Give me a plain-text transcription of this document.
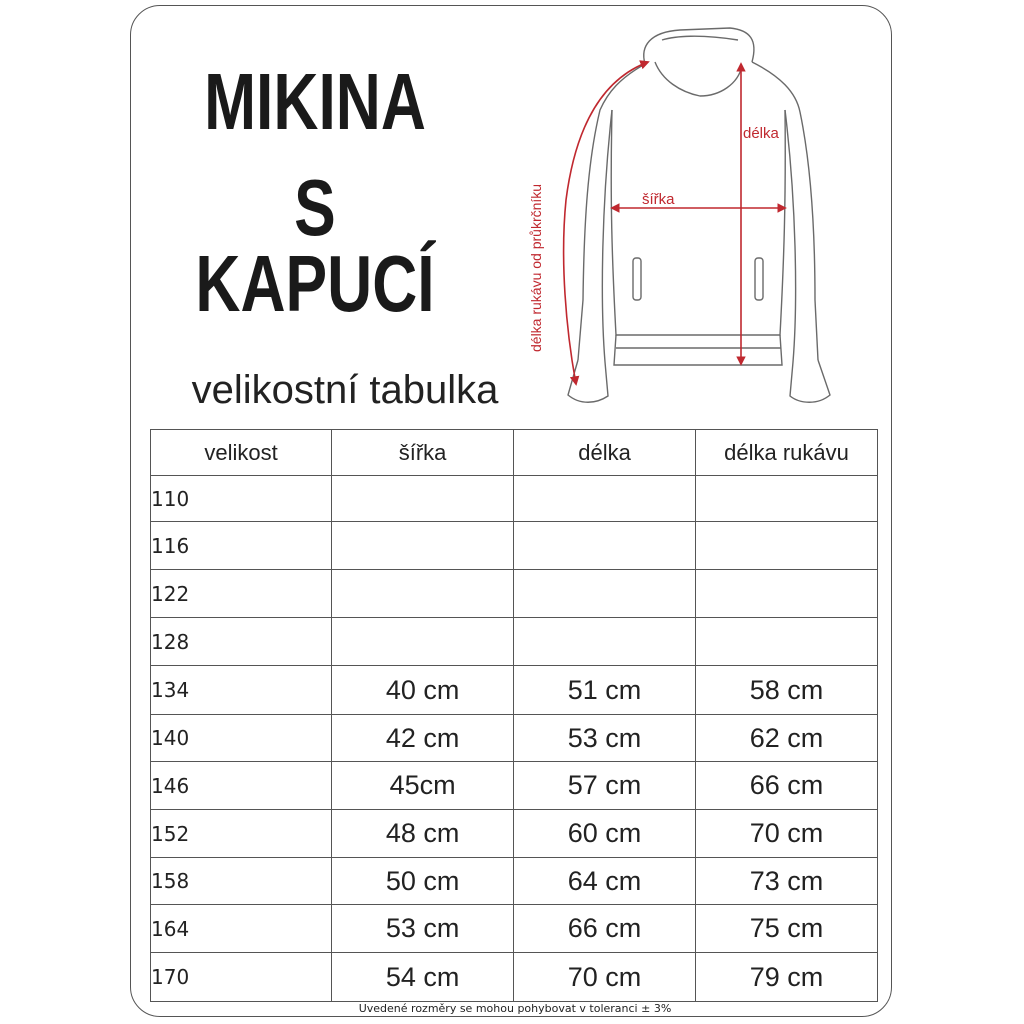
MIKINA
S
KAPUCÍ
velikostní tabulka
délka
šířka
délka rukávu od průkrčníku
velikost	šířka	délka	délka rukávu
110			
116			
122			
128			
134	40 cm	51 cm	58 cm
140	42 cm	53 cm	62 cm
146	45cm	57 cm	66 cm
152	48 cm	60 cm	70 cm
158	50 cm	64 cm	73 cm
164	53 cm	66 cm	75 cm
170	54 cm	70 cm	79 cm
Uvedené rozměry se mohou pohybovat v toleranci ± 3%
